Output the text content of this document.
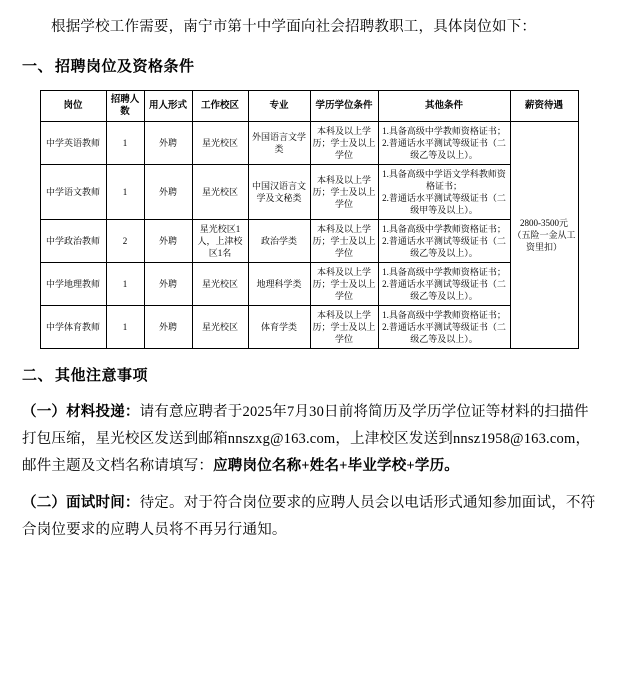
根据学校工作需要，南宁市第十中学面向社会招聘教职工，具体岗位如下：

一、 招聘岗位及资格条件
岗位	招聘人数	用人形式	工作校区	专业	学历学位条件	其他条件	薪资待遇
中学英语教师	1	外聘	星光校区	外国语言文学类	本科及以上学历；学士及以上学位	1.具备高级中学教师资格证书；
2.普通话水平测试等级证书（二级乙等及以上）。	2800-3500元（五险一金从工资里扣）
中学语文教师	1	外聘	星光校区	中国汉语言文学及文秘类	本科及以上学历；学士及以上学位	1.具备高级中学语文学科教师资格证书；
2.普通话水平测试等级证书（二级甲等及以上）。	
中学政治教师	2	外聘	星光校区1人，上津校区1名	政治学类	本科及以上学历；学士及以上学位	1.具备高级中学教师资格证书；
2.普通话水平测试等级证书（二级乙等及以上）。	
中学地理教师	1	外聘	星光校区	地理科学类	本科及以上学历；学士及以上学位	1.具备高级中学教师资格证书；
2.普通话水平测试等级证书（二级乙等及以上）。	
中学体育教师	1	外聘	星光校区	体育学类	本科及以上学历；学士及以上学位	1.具备高级中学教师资格证书；
2.普通话水平测试等级证书（二级乙等及以上）。	
二、 其他注意事项

（一）材料投递：请有意应聘者于2025年7月30日前将简历及学历学位证等材料的扫描件打包压缩，星光校区发送到邮箱nnszxg@163.com，上津校区发送到nnsz1958@163.com，邮件主题及文档名称请填写：应聘岗位名称+姓名+毕业学校+学历。

（二）面试时间：待定。对于符合岗位要求的应聘人员会以电话形式通知参加面试，不符合岗位要求的应聘人员将不再另行通知。
